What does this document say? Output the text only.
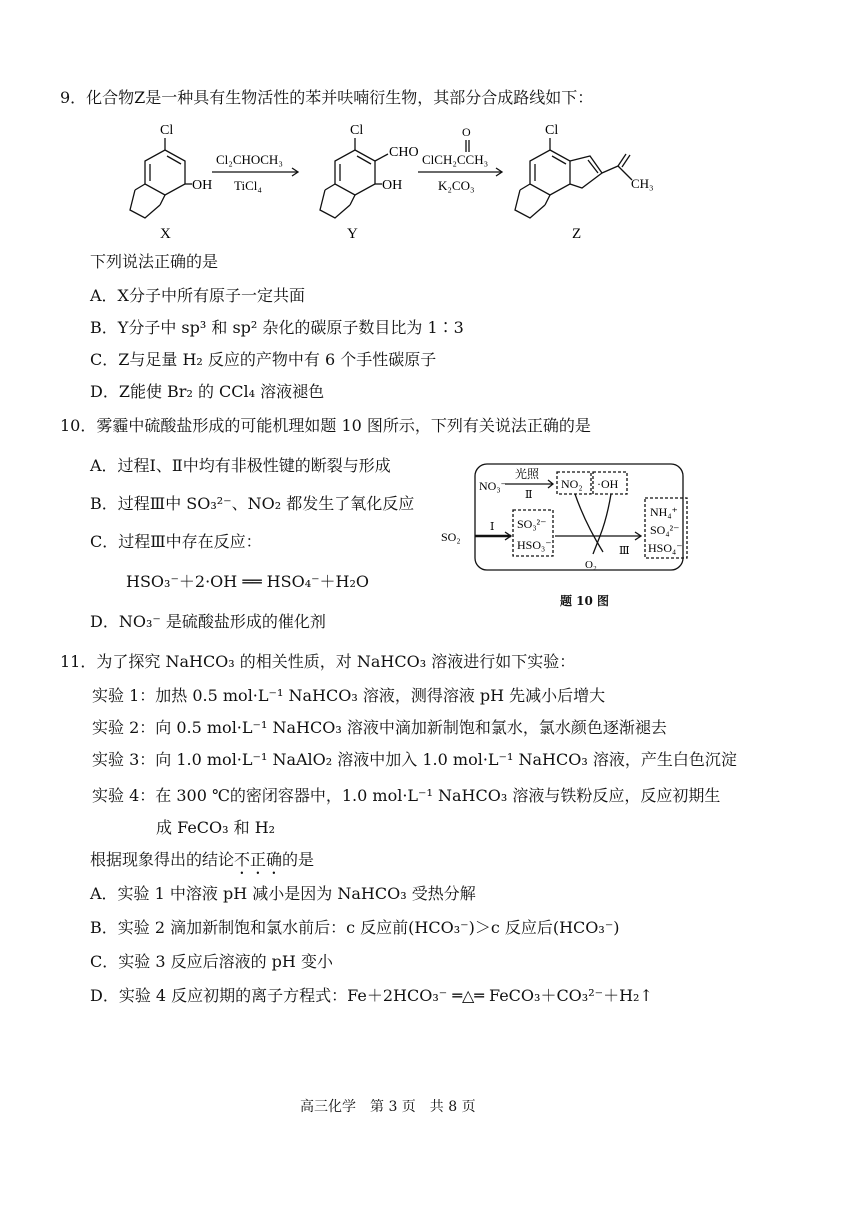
9．化合物Z是一种具有生物活性的苯并呋喃衍生物，其部分合成路线如下：
Cl
OH
Cl
CHO
OH
Cl
CH₃
O
Cl₂CHOCH₃
TiCl₄
ClCH₂CCH₃
K₂CO₃
X	Y	Z
下列说法正确的是
A．X分子中所有原子一定共面
B．Y分子中 sp³ 和 sp² 杂化的碳原子数目比为 1∶3
C．Z与足量 H₂ 反应的产物中有 6 个手性碳原子
D．Z能使 Br₂ 的 CCl₄ 溶液褪色
10．雾霾中硫酸盐形成的可能机理如题 10 图所示，下列有关说法正确的是
A．过程Ⅰ、Ⅱ中均有非极性键的断裂与形成
B．过程Ⅲ中 SO₃²⁻、NO₂ 都发生了氧化反应
C．过程Ⅲ中存在反应：
HSO₃⁻＋2·OH ══ HSO₄⁻＋H₂O
D．NO₃⁻ 是硫酸盐形成的催化剂
NO₃⁻
光照
Ⅱ
NO₂ ·OH
SO₂
Ⅰ SO₃²⁻
HSO₃⁻	Ⅲ
O₂
NH₄⁺
SO₄²⁻
HSO₄⁻
题 10 图
11．为了探究 NaHCO₃ 的相关性质，对 NaHCO₃ 溶液进行如下实验：
实验 1：加热 0.5 mol·L⁻¹ NaHCO₃ 溶液，测得溶液 pH 先减小后增大
实验 2：向 0.5 mol·L⁻¹ NaHCO₃ 溶液中滴加新制饱和氯水，氯水颜色逐渐褪去
实验 3：向 1.0 mol·L⁻¹ NaAlO₂ 溶液中加入 1.0 mol·L⁻¹ NaHCO₃ 溶液，产生白色沉淀
实验 4：在 300 ℃的密闭容器中，1.0 mol·L⁻¹ NaHCO₃ 溶液与铁粉反应，反应初期生
成 FeCO₃ 和 H₂
根据现象得出的结论不正确的是
A．实验 1 中溶液 pH 减小是因为 NaHCO₃ 受热分解
B．实验 2 滴加新制饱和氯水前后：c 反应前(HCO₃⁻)＞c 反应后(HCO₃⁻)
C．实验 3 反应后溶液的 pH 变小
D．实验 4 反应初期的离子方程式：Fe＋2HCO₃⁻ ═△═ FeCO₃＋CO₃²⁻＋H₂↑
高三化学　第 3 页　共 8 页
